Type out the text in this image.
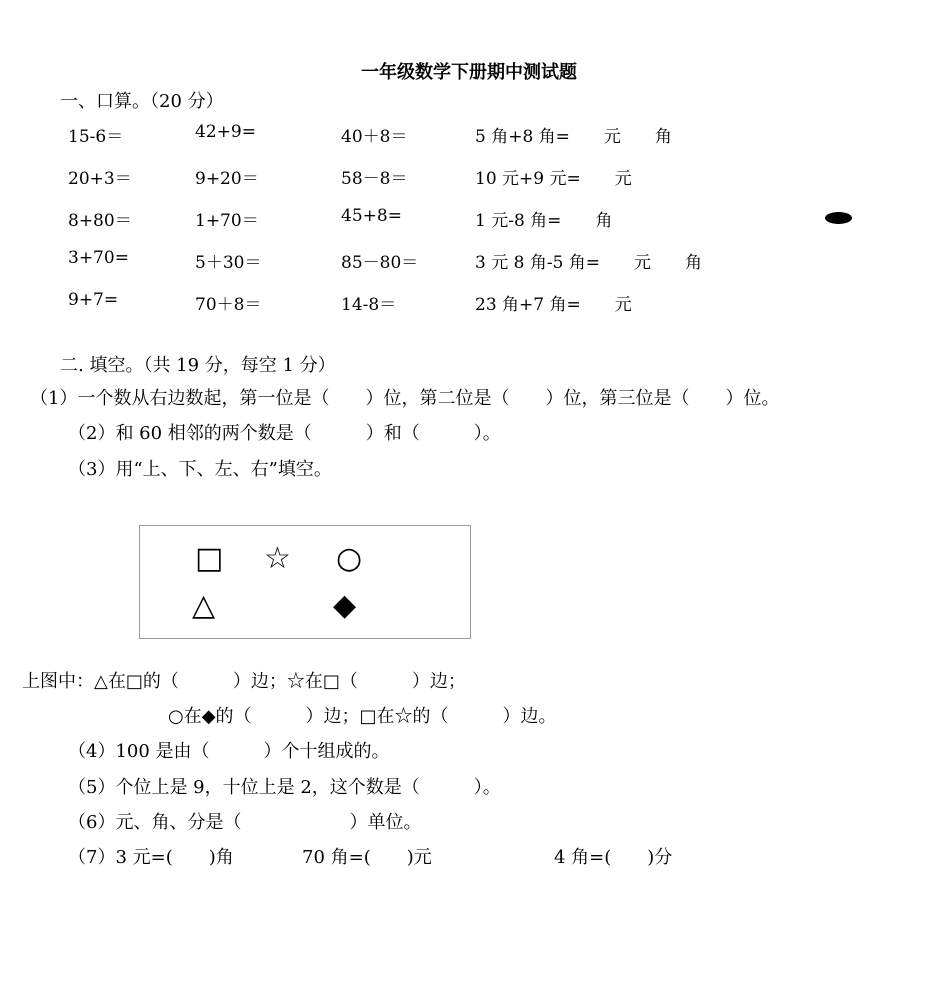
一年级数学下册期中测试题
一、口算。（20 分）
15-6＝	42+9=	40＋8＝	5 角+8 角=　　元　　角
20+3＝	9+20＝	58－8＝	10 元+9 元=　　元
8+80＝	1+70＝	45+8=	1 元-8 角=　　角
3+70=	5＋30＝	85－80＝	3 元 8 角-5 角=　　元　　角
9+7=	70＋8＝	14-8＝	23 角+7 角=　　元
二. 填空。（共 19 分，每空 1 分）
（1）一个数从右边数起，第一位是（　　）位，第二位是（　　）位，第三位是（　　）位。
（2）和 60 相邻的两个数是（　　　）和（　　　）。
（3）用“上、下、左、右”填空。
□ ☆ ○
△	◆
上图中：△在□的（　　　）边；☆在□（　　　）边；
○在◆的（　　　）边；□在☆的（　　　）边。
（4）100 是由（　　　）个十组成的。
（5）个位上是 9，十位上是 2，这个数是（　　　）。
（6）元、角、分是（　　　　　　）单位。
（7）3 元=(　　)角	70 角=(　　)元	4 角=(　　)分
